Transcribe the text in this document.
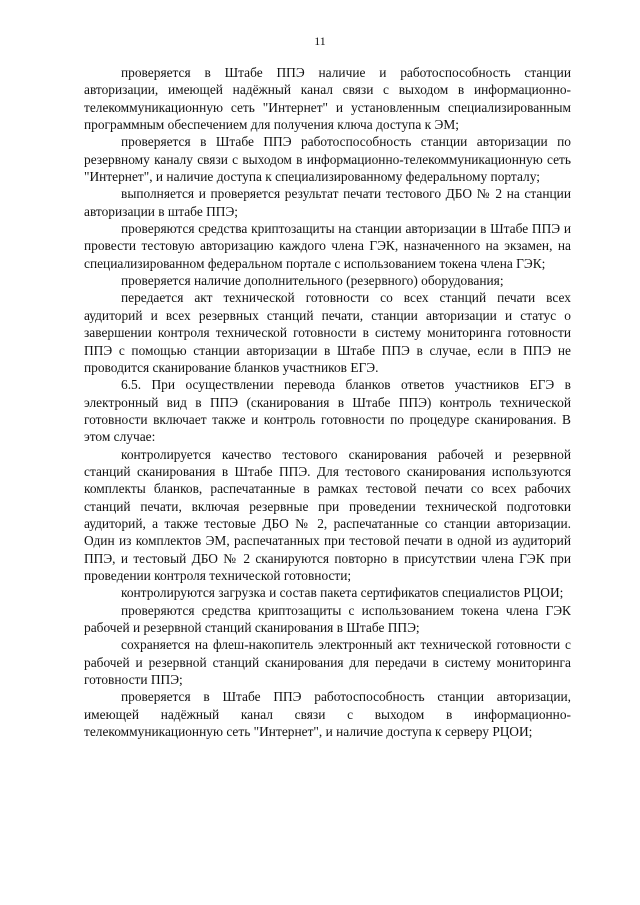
11

проверяется в Штабе ППЭ наличие и работоспособность станции авторизации, имеющей надёжный канал связи с выходом в информационно-телекоммуникационную сеть "Интернет" и установленным специализированным программным обеспечением для получения ключа доступа к ЭМ;

проверяется в Штабе ППЭ работоспособность станции авторизации по резервному каналу связи с выходом в информационно-телекоммуникационную сеть "Интернет", и наличие доступа к специализированному федеральному порталу;

выполняется и проверяется результат печати тестового ДБО № 2 на станции авторизации в штабе ППЭ;

проверяются средства криптозащиты на станции авторизации в Штабе ППЭ и провести тестовую авторизацию каждого члена ГЭК, назначенного на экзамен, на специализированном федеральном портале с использованием токена члена ГЭК;

проверяется наличие дополнительного (резервного) оборудования;

передается акт технической готовности со всех станций печати всех аудиторий и всех резервных станций печати, станции авторизации и статус о завершении контроля технической готовности в систему мониторинга готовности ППЭ с помощью станции авторизации в Штабе ППЭ в случае, если в ППЭ не проводится сканирование бланков участников ЕГЭ.

6.5. При осуществлении перевода бланков ответов участников ЕГЭ в электронный вид в ППЭ (сканирования в Штабе ППЭ) контроль технической готовности включает также и контроль готовности по процедуре сканирования. В этом случае:

контролируется качество тестового сканирования рабочей и резервной станций сканирования в Штабе ППЭ. Для тестового сканирования используются комплекты бланков, распечатанные в рамках тестовой печати со всех рабочих станций печати, включая резервные при проведении технической подготовки аудиторий, а также тестовые ДБО № 2, распечатанные со станции авторизации. Один из комплектов ЭМ, распечатанных при тестовой печати в одной из аудиторий ППЭ, и тестовый ДБО № 2 сканируются повторно в присутствии члена ГЭК при проведении контроля технической готовности;

контролируются загрузка и состав пакета сертификатов специалистов РЦОИ;

проверяются средства криптозащиты с использованием токена члена ГЭК рабочей и резервной станций сканирования в Штабе ППЭ;

сохраняется на флеш-накопитель электронный акт технической готовности с рабочей и резервной станций сканирования для передачи в систему мониторинга готовности ППЭ;

проверяется в Штабе ППЭ работоспособность станции авторизации, имеющей надёжный канал связи с выходом в информационно-телекоммуникационную сеть "Интернет", и наличие доступа к серверу РЦОИ;
